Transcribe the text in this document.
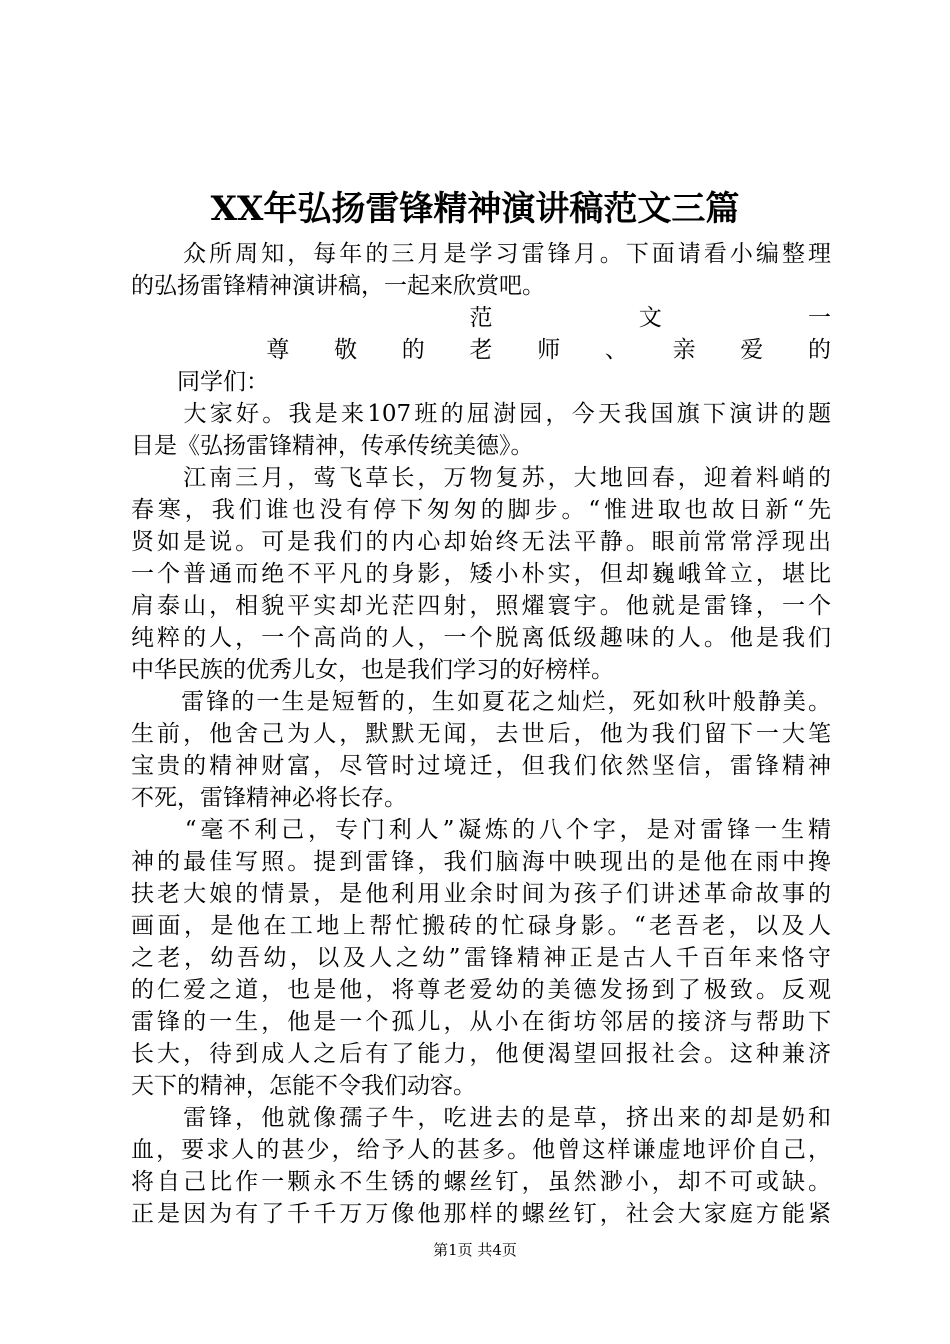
XX年弘扬雷锋精神演讲稿范文三篇
　　众所周知，每年的三月是学习雷锋月。下面请看小编整理
的弘扬雷锋精神演讲稿，一起来欣赏吧。
　　范文一
　　尊敬的老师、亲爱的
　　同学们：
　　大家好。我是来107班的屈澍园，今天我国旗下演讲的题
目是《弘扬雷锋精神，传承传统美德》。
　　江南三月，莺飞草长，万物复苏，大地回春，迎着料峭的
春寒，我们谁也没有停下匆匆的脚步。“惟进取也故日新“先
贤如是说。可是我们的内心却始终无法平静。眼前常常浮现出
一个普通而绝不平凡的身影，矮小朴实，但却巍峨耸立，堪比
肩泰山，相貌平实却光茫四射，照燿寰宇。他就是雷锋，一个
纯粹的人，一个高尚的人，一个脱离低级趣味的人。他是我们
中华民族的优秀儿女，也是我们学习的好榜样。
　　雷锋的一生是短暂的，生如夏花之灿烂，死如秋叶般静美。
生前，他舍己为人，默默无闻，去世后，他为我们留下一大笔
宝贵的精神财富，尽管时过境迁，但我们依然坚信，雷锋精神
不死，雷锋精神必将长存。
　　“毫不利己，专门利人”凝炼的八个字，是对雷锋一生精
神的最佳写照。提到雷锋，我们脑海中映现出的是他在雨中搀
扶老大娘的情景，是他利用业余时间为孩子们讲述革命故事的
画面，是他在工地上帮忙搬砖的忙碌身影。“老吾老，以及人
之老，幼吾幼，以及人之幼”雷锋精神正是古人千百年来恪守
的仁爱之道，也是他，将尊老爱幼的美德发扬到了极致。反观
雷锋的一生，他是一个孤儿，从小在街坊邻居的接济与帮助下
长大，待到成人之后有了能力，他便渴望回报社会。这种兼济
天下的精神，怎能不令我们动容。
　　雷锋，他就像孺子牛，吃进去的是草，挤出来的却是奶和
血，要求人的甚少，给予人的甚多。他曾这样谦虚地评价自己，
将自己比作一颗永不生锈的螺丝钉，虽然渺小，却不可或缺。
正是因为有了千千万万像他那样的螺丝钉，社会大家庭方能紧
第1页 共4页
